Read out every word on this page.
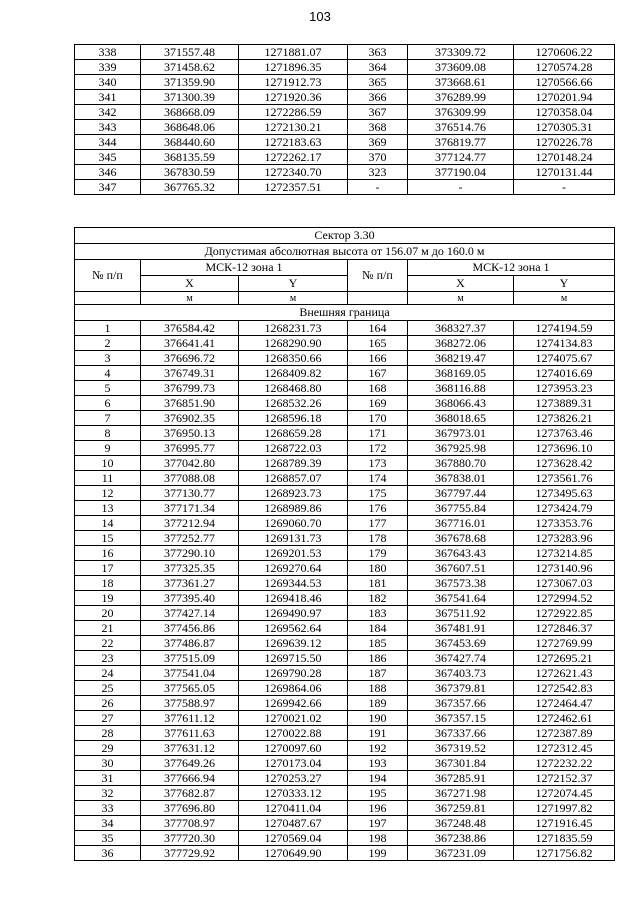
103
338	371557.48	1271881.07	363	373309.72	1270606.22
339	371458.62	1271896.35	364	373609.08	1270574.28
340	371359.90	1271912.73	365	373668.61	1270566.66
341	371300.39	1271920.36	366	376289.99	1270201.94
342	368668.09	1272286.59	367	376309.99	1270358.04
343	368648.06	1272130.21	368	376514.76	1270305.31
344	368440.60	1272183.63	369	376819.77	1270226.78
345	368135.59	1272262.17	370	377124.77	1270148.24
346	367830.59	1272340.70	323	377190.04	1270131.44
347	367765.32	1272357.51	-	-	-
Сектор 3.30					
Допустимая абсолютная высота от 156.07 м до 160.0 м					
№ п/п	МСК-12 зона 1		№ п/п	МСК-12 зона 1	
	X	Y		X	Y
	м	м		м	м
Внешняя граница					
1	376584.42	1268231.73	164	368327.37	1274194.59
2	376641.41	1268290.90	165	368272.06	1274134.83
3	376696.72	1268350.66	166	368219.47	1274075.67
4	376749.31	1268409.82	167	368169.05	1274016.69
5	376799.73	1268468.80	168	368116.88	1273953.23
6	376851.90	1268532.26	169	368066.43	1273889.31
7	376902.35	1268596.18	170	368018.65	1273826.21
8	376950.13	1268659.28	171	367973.01	1273763.46
9	376995.77	1268722.03	172	367925.98	1273696.10
10	377042.80	1268789.39	173	367880.70	1273628.42
11	377088.08	1268857.07	174	367838.01	1273561.76
12	377130.77	1268923.73	175	367797.44	1273495.63
13	377171.34	1268989.86	176	367755.84	1273424.79
14	377212.94	1269060.70	177	367716.01	1273353.76
15	377252.77	1269131.73	178	367678.68	1273283.96
16	377290.10	1269201.53	179	367643.43	1273214.85
17	377325.35	1269270.64	180	367607.51	1273140.96
18	377361.27	1269344.53	181	367573.38	1273067.03
19	377395.40	1269418.46	182	367541.64	1272994.52
20	377427.14	1269490.97	183	367511.92	1272922.85
21	377456.86	1269562.64	184	367481.91	1272846.37
22	377486.87	1269639.12	185	367453.69	1272769.99
23	377515.09	1269715.50	186	367427.74	1272695.21
24	377541.04	1269790.28	187	367403.73	1272621.43
25	377565.05	1269864.06	188	367379.81	1272542.83
26	377588.97	1269942.66	189	367357.66	1272464.47
27	377611.12	1270021.02	190	367357.15	1272462.61
28	377611.63	1270022.88	191	367337.66	1272387.89
29	377631.12	1270097.60	192	367319.52	1272312.45
30	377649.26	1270173.04	193	367301.84	1272232.22
31	377666.94	1270253.27	194	367285.91	1272152.37
32	377682.87	1270333.12	195	367271.98	1272074.45
33	377696.80	1270411.04	196	367259.81	1271997.82
34	377708.97	1270487.67	197	367248.48	1271916.45
35	377720.30	1270569.04	198	367238.86	1271835.59
36	377729.92	1270649.90	199	367231.09	1271756.82
